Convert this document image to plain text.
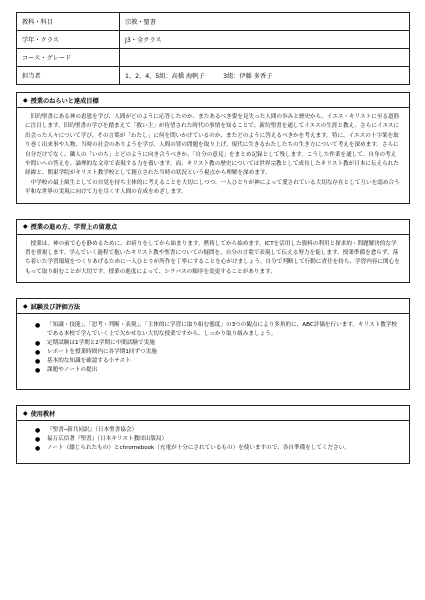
教科・科目	宗教・聖書
学年・クラス	J3・全クラス
コース・グレード	
担当者	1、2、4、5組：高橋 海帆子　　　3組：伊藤 多香子
◆ 授業のねらいと達成目標

旧約聖書にある神の恵恩を学び、人間がどのように応答したのか、またあるべき姿を見失った人間の歩みと歴史から、イエス・キリストに至る道筋に注目します。旧約聖書の学びを踏まえて「救い主」が待望された時代の事情を知ることで、新約聖書を通してイエスの生涯と教え、さらにイエスに出会った人々について学び、その言葉が「わたし」に何を問いかけているのか、またどのように答えるべきかを考えます。特に、イエスの十字架を取り巻く出来事や人物、当時の社会のありようを学び、人間の罪の問題を取り上げ、現代に生きるわたしたちの生き方について考えを深めます。さらに自分だけでなく、隣人の「いのち」とどのように向き合うべきか、「自分の意見」をまとめ記録として残します。こうした作業を通して、自身の考えや問いへの答えを、論理的な文章で表現する力を養います。而、キリスト教の歴史については世界宗教として成長したキリスト教が日本に伝えられた経緯と、関東学院がキリスト教学校として創立された当時の状況という視点から理解を深めます。

中学校の最上級生としての自覚を持ち主体的に考えることを大切にしつつ、一人ひとりが神によって愛されている大切な存在として互いを認め合う平和な世界の実現に向けて力を尽くす人間の育成をめざします。

◆ 授業の進め方、学習上の留意点

授業は、神の前で心を静めるために、お祈りをしてから始まります。黙祷してから始めます。ICTを活用した資料の利用と探求的・問題解決的な学習を重視します。学んでいく過程で抱いたキリスト教や聖書についての疑問を、自分の言葉で表現して伝える努力を促します。授業準備を怠らず、落ち着いた学習環境をつくりあげるために一人ひとりが所作を丁寧にすることを心がけましょう。自分で判断して行動に責任を持ち、学習内容に関心をもって取り組むことが大切です。授業の進度によって、シラバスの順序を変更することがあります。

◆ 試験及び評価方法
● 「知識・技能」、「思考・判断・表現」、「主体的に学習に取り組む態度」の3つの観点により多角的に、ABC評価を行います。キリスト教学校である本校で学んでいく上で欠かせない大切な授業ですから、しっかり取り組みましょう。
● 定期試験は1学期と2学期に中間試験で実施
● レポートを授業時間内に各学期1回ずつ実施
● 基本的な知識を確認する小テスト
● 課題やノートの提出
◆ 使用教材
● 『聖書─新共同訳』（日本聖書協会）
● 福万広信著『聖書』（日本キリスト教団出版局）
● ノート（綴じられたもの）とchromebook（充電が十分にされているもの）を使いますので、各自準備をしてください。
